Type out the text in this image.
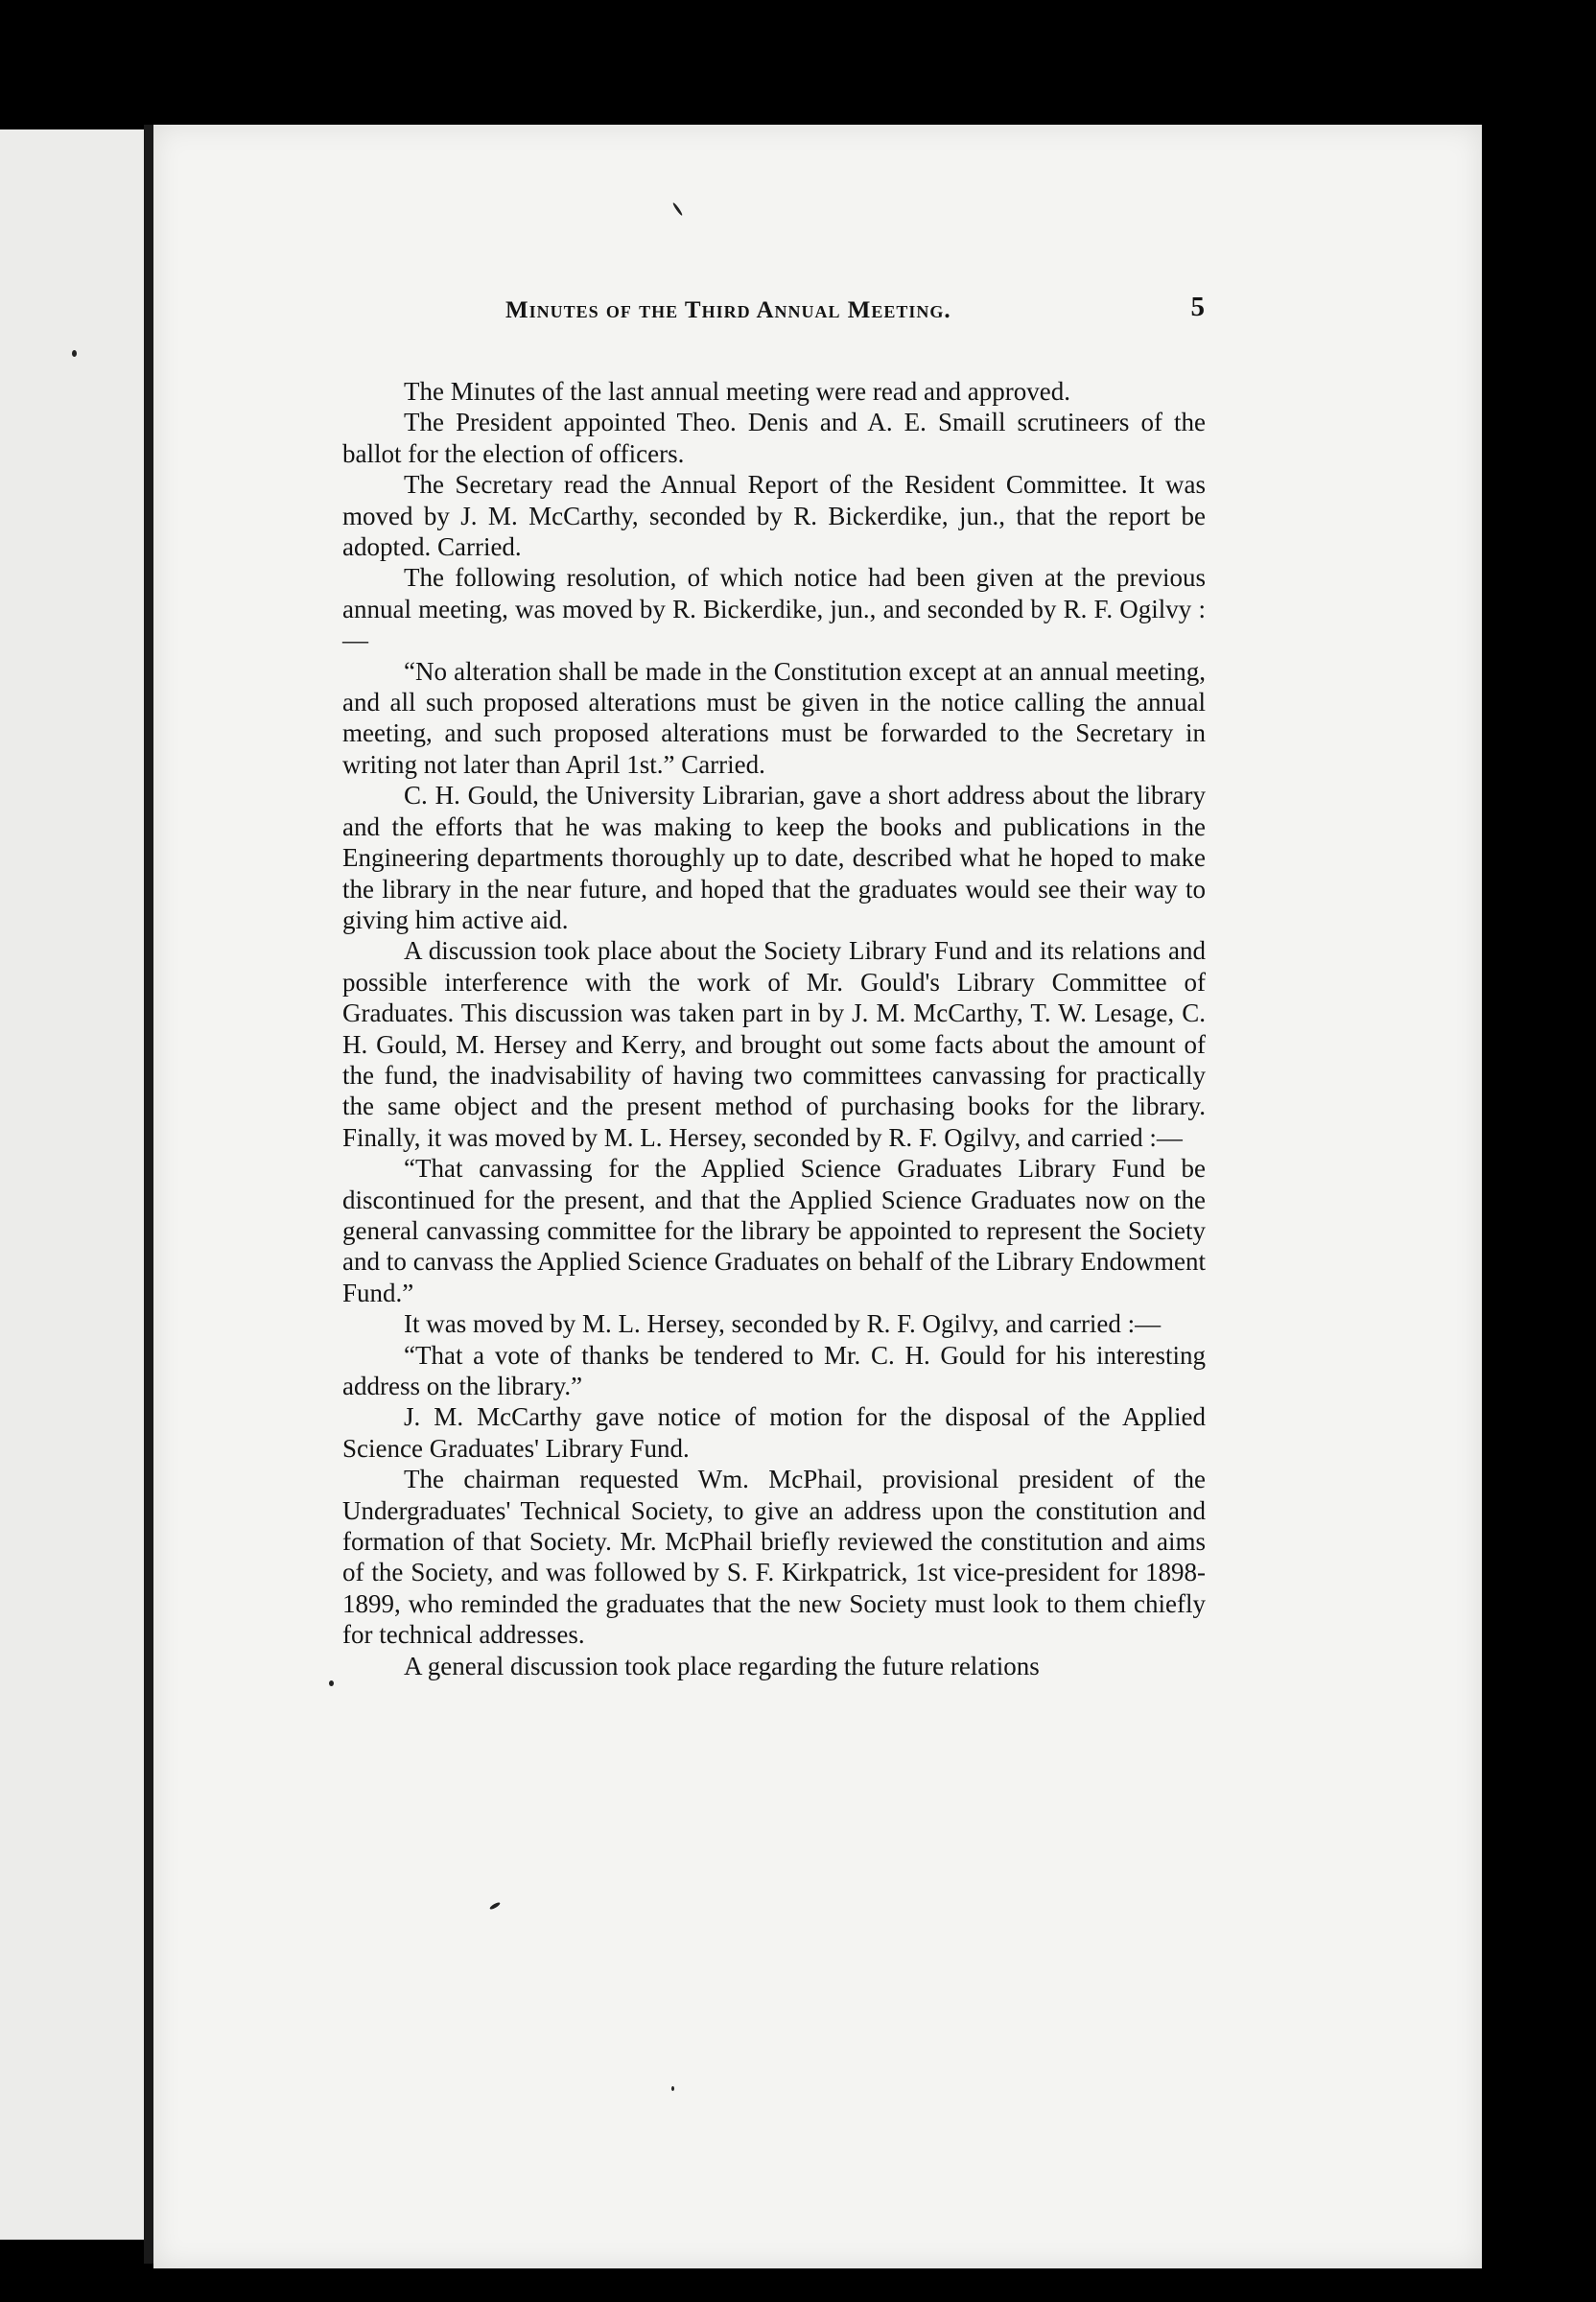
Minutes of the Third Annual Meeting.	5

The Minutes of the last annual meeting were read and approved.

The President appointed Theo. Denis and A. E. Smaill scrutineers of the ballot for the election of officers.

The Secretary read the Annual Report of the Resident Committee. It was moved by J. M. McCarthy, seconded by R. Bickerdike, jun., that the report be adopted. Carried.

The following resolution, of which notice had been given at the previous annual meeting, was moved by R. Bickerdike, jun., and seconded by R. F. Ogilvy :—

“No alteration shall be made in the Constitution except at an annual meeting, and all such proposed alterations must be given in the notice calling the annual meeting, and such proposed alterations must be forwarded to the Secretary in writing not later than April 1st.” Carried.

C. H. Gould, the University Librarian, gave a short address about the library and the efforts that he was making to keep the books and publications in the Engineering departments thoroughly up to date, described what he hoped to make the library in the near future, and hoped that the graduates would see their way to giving him active aid.

A discussion took place about the Society Library Fund and its relations and possible interference with the work of Mr. Gould's Library Committee of Graduates. This discussion was taken part in by J. M. McCarthy, T. W. Lesage, C. H. Gould, M. Hersey and Kerry, and brought out some facts about the amount of the fund, the inadvisability of having two committees canvassing for practically the same object and the present method of purchasing books for the library. Finally, it was moved by M. L. Hersey, seconded by R. F. Ogilvy, and carried :—

“That canvassing for the Applied Science Graduates Library Fund be discontinued for the present, and that the Applied Science Graduates now on the general canvassing committee for the library be appointed to represent the Society and to canvass the Applied Science Graduates on behalf of the Library Endowment Fund.”

It was moved by M. L. Hersey, seconded by R. F. Ogilvy, and carried :—

“That a vote of thanks be tendered to Mr. C. H. Gould for his interesting address on the library.”

J. M. McCarthy gave notice of motion for the disposal of the Applied Science Graduates' Library Fund.

The chairman requested Wm. McPhail, provisional president of the Undergraduates' Technical Society, to give an address upon the constitution and formation of that Society. Mr. McPhail briefly reviewed the constitution and aims of the Society, and was followed by S. F. Kirkpatrick, 1st vice-president for 1898-1899, who reminded the graduates that the new Society must look to them chiefly for technical addresses.

A general discussion took place regarding the future relations
